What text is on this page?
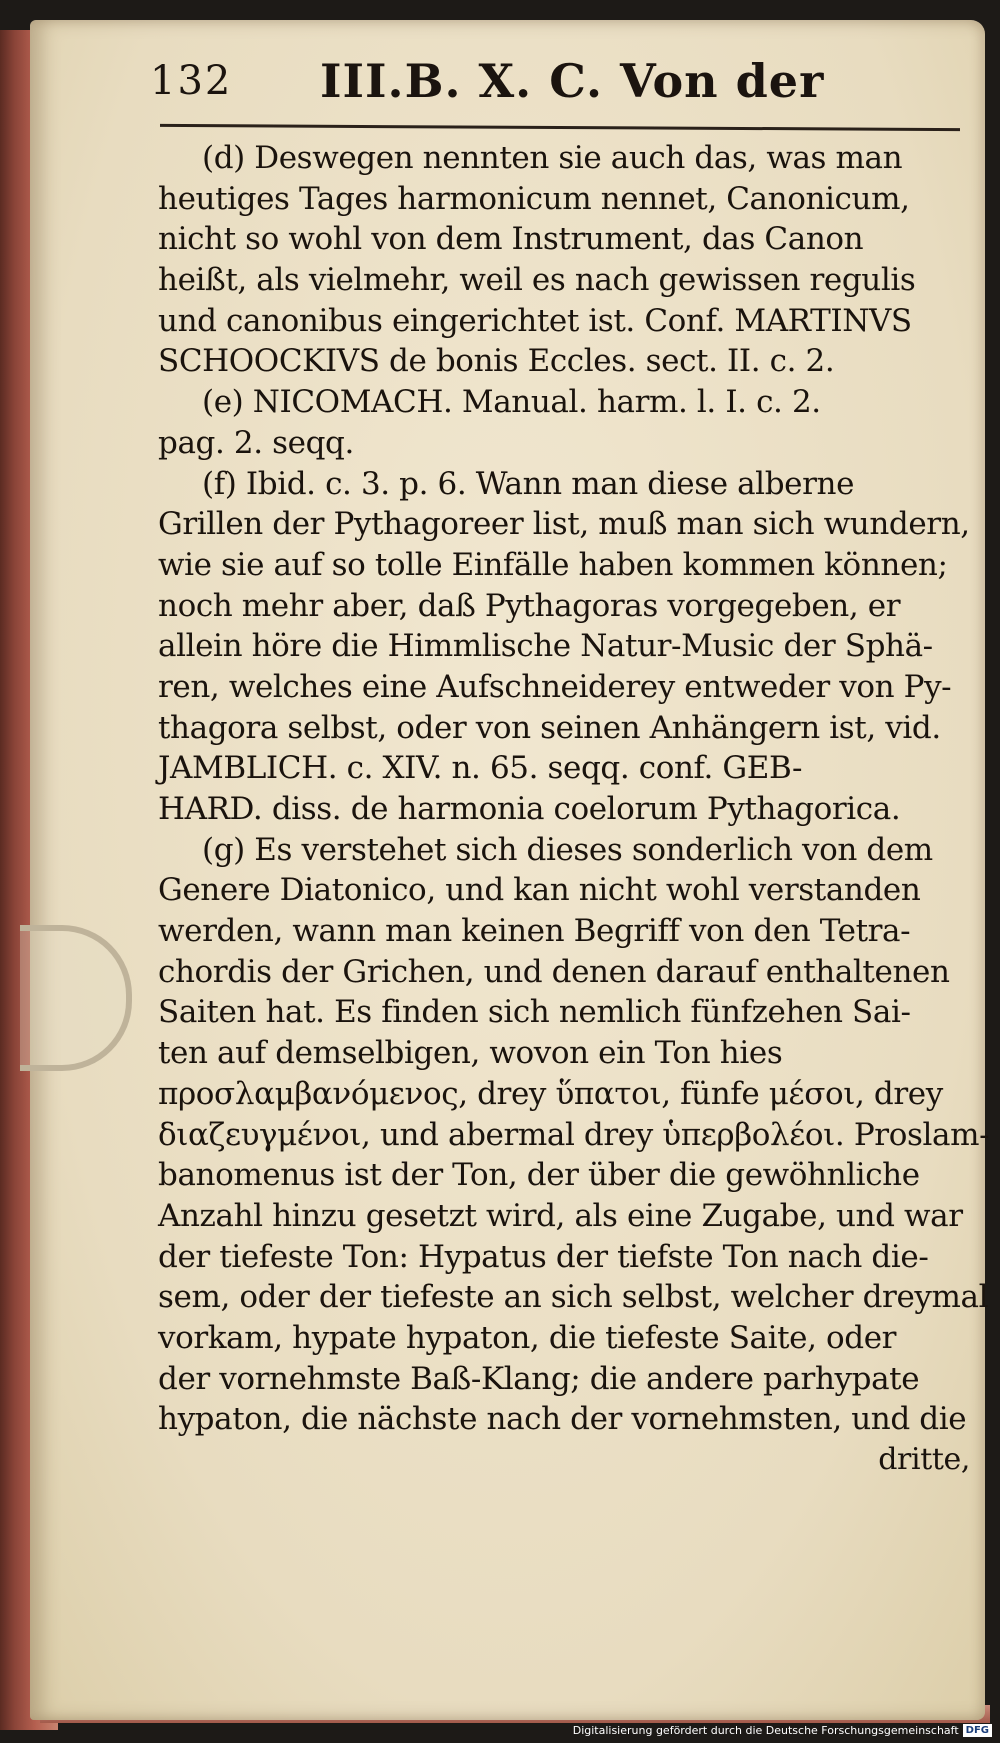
132 III.B. X. C. Von der
(d) Deswegen nennten sie auch das, was man
heutiges Tages harmonicum nennet, Canonicum,
nicht so wohl von dem Instrument, das Canon
heißt, als vielmehr, weil es nach gewissen regulis
und canonibus eingerichtet ist. Conf. MARTINVS
SCHOOCKIVS de bonis Eccles. sect. II. c. 2.
(e) NICOMACH. Manual. harm. l. I. c. 2.
pag. 2. seqq.
(f) Ibid. c. 3. p. 6. Wann man diese alberne
Grillen der Pythagoreer list, muß man sich wundern,
wie sie auf so tolle Einfälle haben kommen können;
noch mehr aber, daß Pythagoras vorgegeben, er
allein höre die Himmlische Natur-Music der Sphä-
ren, welches eine Aufschneiderey entweder von Py-
thagora selbst, oder von seinen Anhängern ist, vid.
JAMBLICH. c. XIV. n. 65. seqq. conf. GEB-
HARD. diss. de harmonia coelorum Pythagorica.
(g) Es verstehet sich dieses sonderlich von dem
Genere Diatonico, und kan nicht wohl verstanden
werden, wann man keinen Begriff von den Tetra-
chordis der Grichen, und denen darauf enthaltenen
Saiten hat. Es finden sich nemlich fünfzehen Sai-
ten auf demselbigen, wovon ein Ton hies
προσλαμβανόμενος, drey ὕπατοι, fünfe μέσοι, drey
διαζευγμένοι, und abermal drey ὑπερβολέοι. Proslam-
banomenus ist der Ton, der über die gewöhnliche
Anzahl hinzu gesetzt wird, als eine Zugabe, und war
der tiefeste Ton: Hypatus der tiefste Ton nach die-
sem, oder der tiefeste an sich selbst, welcher dreymal
vorkam, hypate hypaton, die tiefeste Saite, oder
der vornehmste Baß-Klang; die andere parhypate
hypaton, die nächste nach der vornehmsten, und die
dritte,
Digitalisierung gefördert durch die Deutsche Forschungsgemeinschaft DFG
